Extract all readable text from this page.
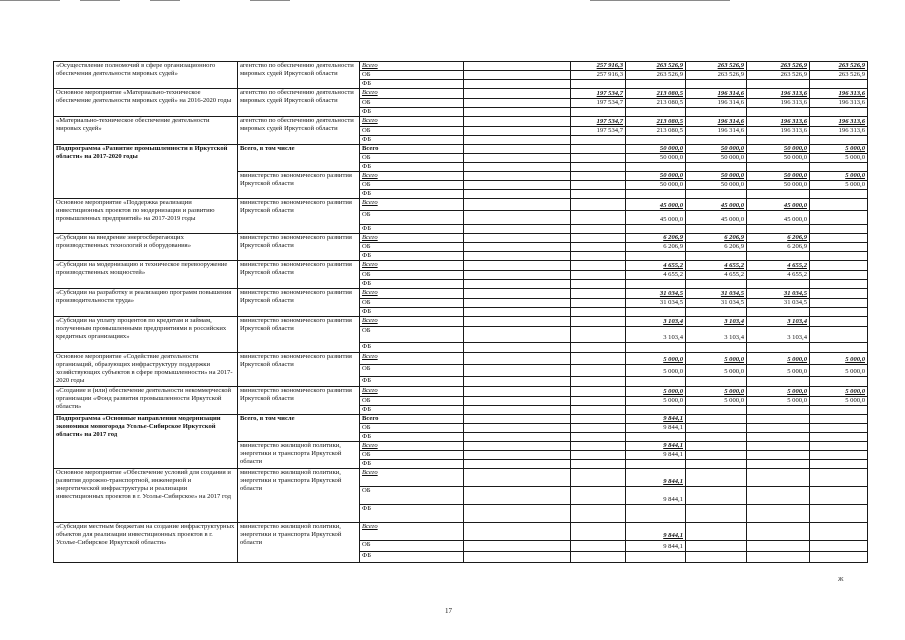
«Осуществление полномочий в сфере организационного обеспечения деятельности мировых судей»	агентство по обеспечению деятельности мировых судей Иркутской области	Всего		257 916,3	263 526,9	263 526,9	263 526,9	263 526,9
		ОБ		257 916,3	263 526,9	263 526,9	263 526,9	263 526,9
		ФБ						
Основное мероприятие «Материально-техническое обеспечение деятельности мировых судей» на 2016-2020 годы	агентство по обеспечению деятельности мировых судей Иркутской области	Всего		197 534,7	213 080,5	196 314,6	196 313,6	196 313,6
		ОБ		197 534,7	213 080,5	196 314,6	196 313,6	196 313,6
		ФБ						
«Материально-техническое обеспечение деятельности мировых судей»	агентство по обеспечению деятельности мировых судей Иркутской области	Всего		197 534,7	213 080,5	196 314,6	196 313,6	196 313,6
		ОБ		197 534,7	213 080,5	196 314,6	196 313,6	196 313,6
		ФБ						
Подпрограмма «Развитие промышленности в Иркутской области» на 2017-2020 годы	Всего, в том числе	Всего			50 000,0	50 000,0	50 000,0	5 000,0
		ОБ			50 000,0	50 000,0	50 000,0	5 000,0
		ФБ						
	министерство экономического развития Иркутской области	Всего			50 000,0	50 000,0	50 000,0	5 000,0
		ОБ			50 000,0	50 000,0	50 000,0	5 000,0
		ФБ						
Основное мероприятие «Поддержка реализации инвестиционных проектов по модернизации и развитию промышленных предприятий» на 2017-2019 годы	министерство экономического развития Иркутской области	Всего			45 000,0	45 000,0	45 000,0	
		ОБ			45 000,0	45 000,0	45 000,0	
		ФБ						
«Субсидии на внедрение энергосберегающих производственных технологий и оборудования»	министерство экономического развития Иркутской области	Всего			6 206,9	6 206,9	6 206,9	
		ОБ			6 206,9	6 206,9	6 206,9	
		ФБ						
«Субсидии на модернизацию и техническое перевооружение производственных мощностей»	министерство экономического развития Иркутской области	Всего			4 655,2	4 655,2	4 655,2	
		ОБ			4 655,2	4 655,2	4 655,2	
		ФБ						
«Субсидии на разработку и реализацию программ повышения производительности труда»	министерство экономического развития Иркутской области	Всего			31 034,5	31 034,5	31 034,5	
		ОБ			31 034,5	31 034,5	31 034,5	
		ФБ						
«Субсидии на уплату процентов по кредитам и займам, полученным промышленными предприятиями в российских кредитных организациях»	министерство экономического развития Иркутской области	Всего			3 103,4	3 103,4	3 103,4	
		ОБ			3 103,4	3 103,4	3 103,4	
		ФБ						
Основное мероприятие «Содействие деятельности организаций, образующих инфраструктуру поддержки хозяйствующих субъектов в сфере промышленности» на 2017-2020 годы	министерство экономического развития Иркутской области	Всего			5 000,0	5 000,0	5 000,0	5 000,0
		ОБ			5 000,0	5 000,0	5 000,0	5 000,0
		ФБ						
«Создание и (или) обеспечение деятельности некоммерческой организации «Фонд развития промышленности Иркутской области»	министерство экономического развития Иркутской области	Всего			5 000,0	5 000,0	5 000,0	5 000,0
		ОБ			5 000,0	5 000,0	5 000,0	5 000,0
		ФБ						
Подпрограмма «Основные направления модернизации экономики моногорода Усолье-Сибирское Иркутской области» на 2017 год	Всего, в том числе	Всего			9 844,1			
		ОБ			9 844,1			
		ФБ						
	министерство жилищной политики, энергетики и транспорта Иркутской области	Всего			9 844,1			
		ОБ			9 844,1			
		ФБ						
Основное мероприятие «Обеспечение условий для создания и развития дорожно-транспортной, инженерной и энергетической инфраструктуры и реализации инвестиционных проектов в г. Усолье-Сибирское» на 2017 год	министерство жилищной политики, энергетики и транспорта Иркутской области	Всего			9 844,1			
		ОБ			9 844,1			
		ФБ						
«Субсидии местным бюджетам на создание инфраструктурных объектов для реализации инвестиционных проектов в г. Усолье-Сибирское Иркутской области»	министерство жилищной политики, энергетики и транспорта Иркутской области	Всего			9 844,1			
		ОБ			9 844,1			
		ФБ						
17
ж
